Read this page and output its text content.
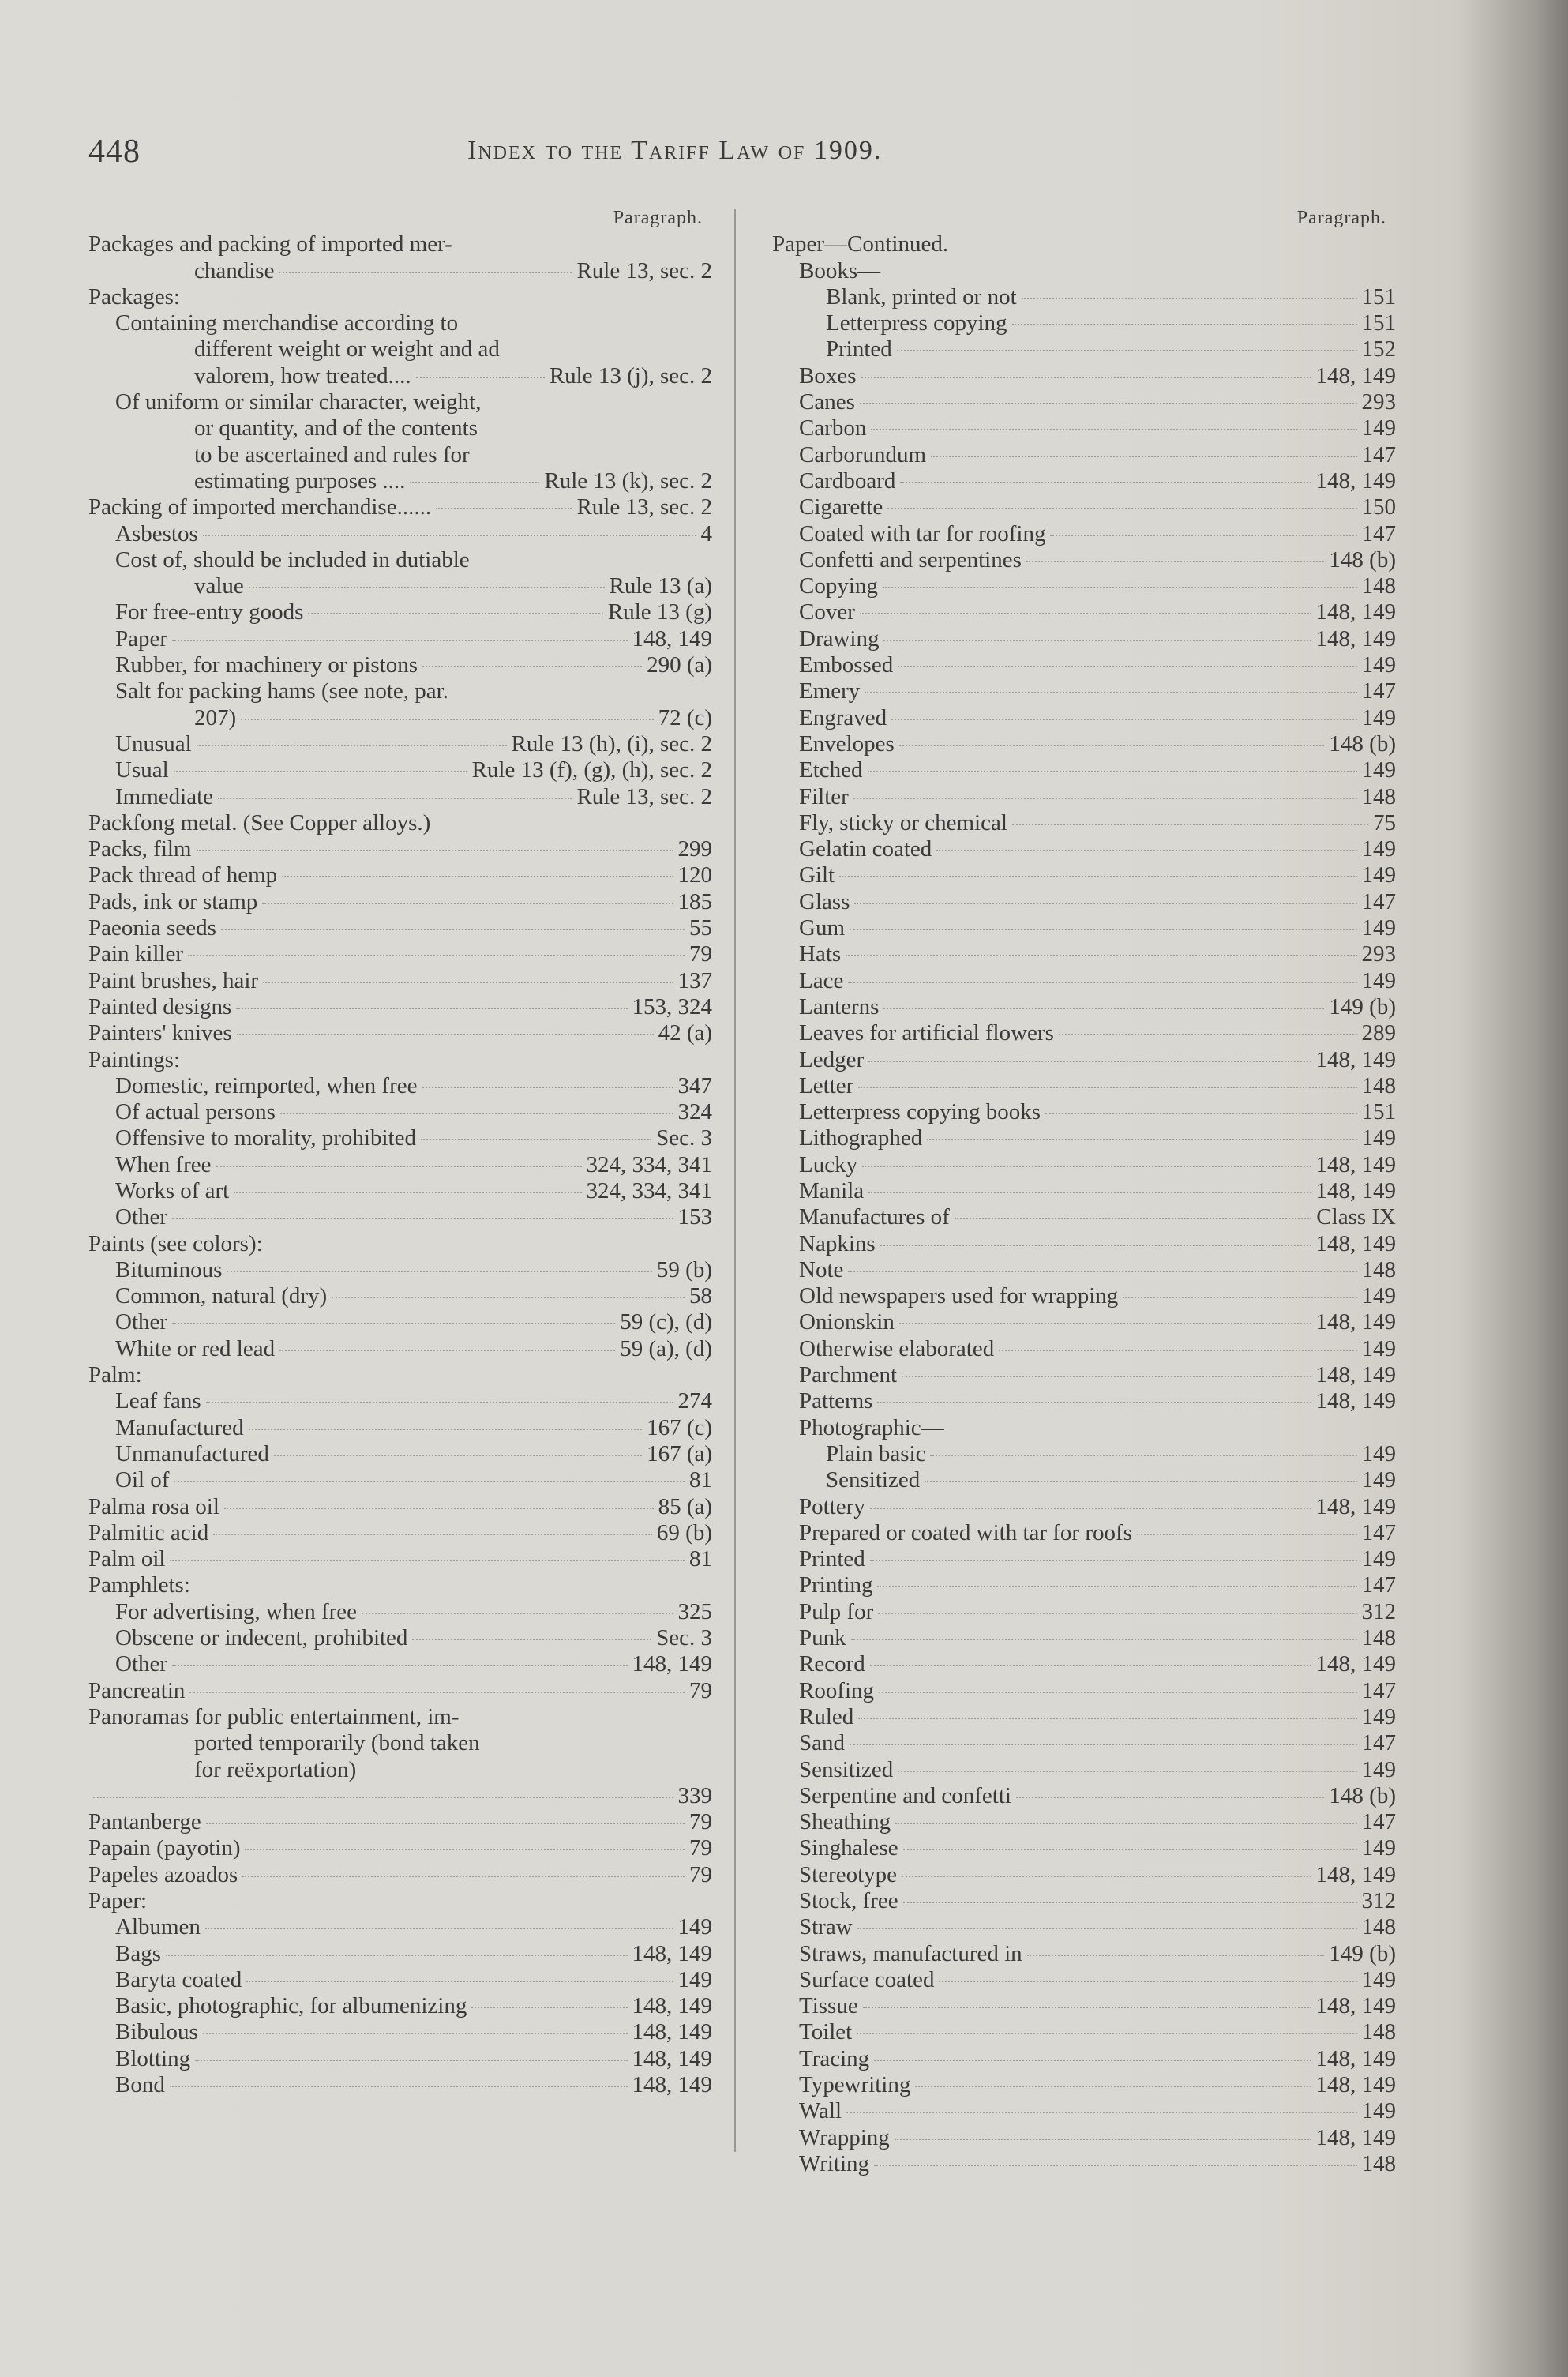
448	Index to the Tariff Law of 1909.
Paragraph.
Packages and packing of imported mer-
chandise	Rule 13, sec. 2
Packages:
Containing merchandise according to
different weight or weight and ad
valorem, how treated....	Rule 13 (j), sec. 2
Of uniform or similar character, weight,
or quantity, and of the contents
to be ascertained and rules for
estimating purposes ....	Rule 13 (k), sec. 2
Packing of imported merchandise......	Rule 13, sec. 2
Asbestos	4
Cost of, should be included in dutiable
value	Rule 13 (a)
For free-entry goods	Rule 13 (g)
Paper	148, 149
Rubber, for machinery or pistons	290 (a)
Salt for packing hams (see note, par.
207)	72 (c)
Unusual	Rule 13 (h), (i), sec. 2
Usual	Rule 13 (f), (g), (h), sec. 2
Immediate	Rule 13, sec. 2
Packfong metal. (See Copper alloys.)
Packs, film	299
Pack thread of hemp	120
Pads, ink or stamp	185
Paeonia seeds	55
Pain killer	79
Paint brushes, hair	137
Painted designs	153, 324
Painters' knives	42 (a)
Paintings:
Domestic, reimported, when free	347
Of actual persons	324
Offensive to morality, prohibited	Sec. 3
When free	324, 334, 341
Works of art	324, 334, 341
Other	153
Paints (see colors):
Bituminous	59 (b)
Common, natural (dry)	58
Other	59 (c), (d)
White or red lead	59 (a), (d)
Palm:
Leaf fans	274
Manufactured	167 (c)
Unmanufactured	167 (a)
Oil of	81
Palma rosa oil	85 (a)
Palmitic acid	69 (b)
Palm oil	81
Pamphlets:
For advertising, when free	325
Obscene or indecent, prohibited	Sec. 3
Other	148, 149
Pancreatin	79
Panoramas for public entertainment, im-
ported temporarily (bond taken
for reëxportation)
339
Pantanberge	79
Papain (payotin)	79
Papeles azoados	79
Paper:
Albumen	149
Bags	148, 149
Baryta coated	149
Basic, photographic, for albumenizing	148, 149
Bibulous	148, 149
Blotting	148, 149
Bond	148, 149
Paragraph.
Paper—Continued.
Books—
Blank, printed or not	151
Letterpress copying	151
Printed	152
Boxes	148, 149
Canes	293
Carbon	149
Carborundum	147
Cardboard	148, 149
Cigarette	150
Coated with tar for roofing	147
Confetti and serpentines	148 (b)
Copying	148
Cover	148, 149
Drawing	148, 149
Embossed	149
Emery	147
Engraved	149
Envelopes	148 (b)
Etched	149
Filter	148
Fly, sticky or chemical	75
Gelatin coated	149
Gilt	149
Glass	147
Gum	149
Hats	293
Lace	149
Lanterns	149 (b)
Leaves for artificial flowers	289
Ledger	148, 149
Letter	148
Letterpress copying books	151
Lithographed	149
Lucky	148, 149
Manila	148, 149
Manufactures of	Class IX
Napkins	148, 149
Note	148
Old newspapers used for wrapping	149
Onionskin	148, 149
Otherwise elaborated	149
Parchment	148, 149
Patterns	148, 149
Photographic—
Plain basic	149
Sensitized	149
Pottery	148, 149
Prepared or coated with tar for roofs	147
Printed	149
Printing	147
Pulp for	312
Punk	148
Record	148, 149
Roofing	147
Ruled	149
Sand	147
Sensitized	149
Serpentine and confetti	148 (b)
Sheathing	147
Singhalese	149
Stereotype	148, 149
Stock, free	312
Straw	148
Straws, manufactured in	149 (b)
Surface coated	149
Tissue	148, 149
Toilet	148
Tracing	148, 149
Typewriting	148, 149
Wall	149
Wrapping	148, 149
Writing	148
